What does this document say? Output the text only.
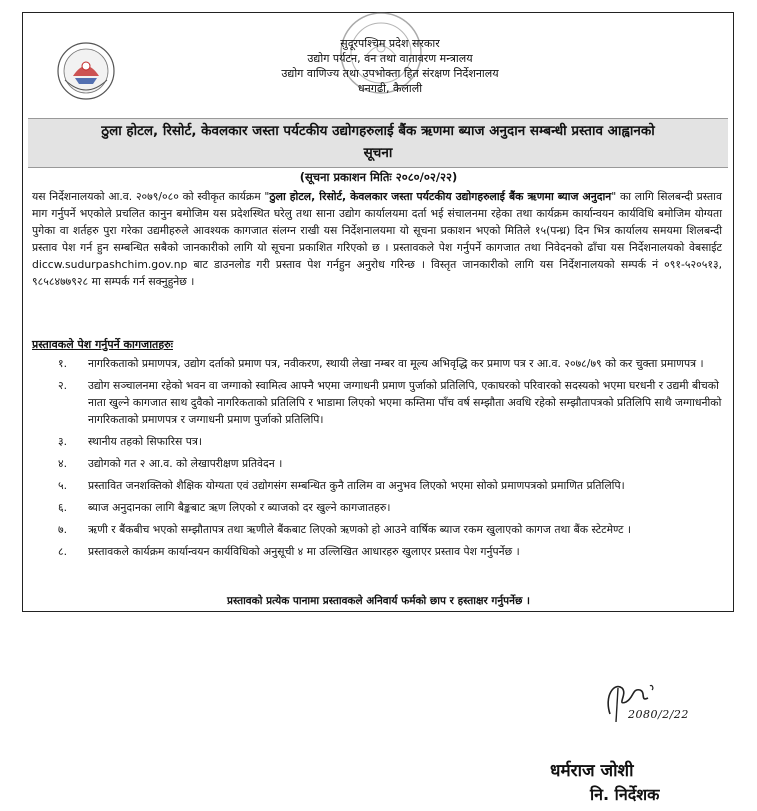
सुदूरपश्चिम प्रदेश सरकार
उद्योग पर्यटन, वन तथा वातावरण मन्त्रालय
उद्योग वाणिज्य तथा उपभोक्ता हित संरक्षण निर्देशनालय
धनगढी, कैलाली
ठुला होटल, रिसोर्ट, केवलकार जस्ता पर्यटकीय उद्योगहरुलाई बैंक ऋणमा ब्याज अनुदान सम्बन्धी प्रस्ताव आह्वानको
सूचना
(सूचना प्रकाशन मितिः २०८०/०२/२२)
यस निर्देशनालयको आ.व. २०७९/०८० को स्वीकृत कार्यक्रम "ठुला होटल, रिसोर्ट, केवलकार जस्ता पर्यटकीय उद्योगहरुलाई बैंक ऋणमा ब्याज अनुदान" का लागि सिलबन्दी प्रस्ताव माग गर्नुपर्ने भएकोले प्रचलित कानुन बमोजिम यस प्रदेशस्थित घरेलु तथा साना उद्योग कार्यालयमा दर्ता भई संचालनमा रहेका तथा कार्यक्रम कार्यान्वयन कार्यविधि बमोजिम योग्यता पुगेका वा शर्तहरु पुरा गरेका उद्यमीहरुले आवश्यक कागजात संलग्न राखी यस निर्देशनालयमा यो सूचना प्रकाशन भएको मितिले १५(पन्ध्र) दिन भित्र कार्यालय समयमा शिलबन्दी प्रस्ताव पेश गर्न हुन सम्बन्धित सबैको जानकारीको लागि यो सूचना प्रकाशित गरिएको छ । प्रस्तावकले पेश गर्नुपर्ने कागजात तथा निवेदनको ढाँचा यस निर्देशनालयको वेबसाईट diccw.sudurpashchim.gov.np बाट डाउनलोड गरी प्रस्ताव पेश गर्नहुन अनुरोध गरिन्छ । विस्तृत जानकारीको लागि यस निर्देशनालयको सम्पर्क नं ०९१-५२०५१३, ९८५८४७७९२८ मा सम्पर्क गर्न सक्नुहुनेछ ।
प्रस्तावकले पेश गर्नुपर्ने कागजातहरुः
१. नागरिकताको प्रमाणपत्र, उद्योग दर्ताको प्रमाण पत्र, नवीकरण, स्थायी लेखा नम्बर वा मूल्य अभिवृद्धि कर प्रमाण पत्र र आ.व. २०७८/७९ को कर चुक्ता प्रमाणपत्र ।
२. उद्योग सञ्चालनमा रहेको भवन वा जग्गाको स्वामित्व आफ्नै भएमा जग्गाधनी प्रमाण पुर्जाको प्रतिलिपि, एकाघरको परिवारको सदस्यको भएमा घरधनी र उद्यमी बीचको नाता खुल्ने कागजात साथ दुवैको नागरिकताको प्रतिलिपि र भाडामा लिएको भएमा कम्तिमा पाँच वर्ष सम्झौता अवधि रहेको सम्झौतापत्रको प्रतिलिपि साथै जग्गाधनीको नागरिकताको प्रमाणपत्र र जग्गाधनी प्रमाण पुर्जाको प्रतिलिपि।
३. स्थानीय तहको सिफारिस पत्र।
४. उद्योगको गत २ आ.व. को लेखापरीक्षण प्रतिवेदन ।
५. प्रस्तावित जनशक्तिको शैक्षिक योग्यता एवं उद्योगसंग सम्बन्धित कुनै तालिम वा अनुभव लिएको भएमा सोको प्रमाणपत्रको प्रमाणित प्रतिलिपि।
६. ब्याज अनुदानका लागि बैङ्कबाट ऋण लिएको र ब्याजको दर खुल्ने कागजातहरु।
७. ऋणी र बैंकबीच भएको सम्झौतापत्र तथा ऋणीले बैंकबाट लिएको ऋणको हो आउने वार्षिक ब्याज रकम खुलाएको कागज तथा बैंक स्टेटमेण्ट ।
८. प्रस्तावकले कार्यक्रम कार्यान्वयन कार्यविधिको अनुसूची ४ मा उल्लिखित आधारहरु खुलाएर प्रस्ताव पेश गर्नुपर्नेछ ।
प्रस्तावको प्रत्येक पानामा प्रस्तावकले अनिवार्य फर्मको छाप र हस्ताक्षर गर्नुपर्नेछ ।
2080/2/22
धर्मराज जोशी
नि. निर्देशक
